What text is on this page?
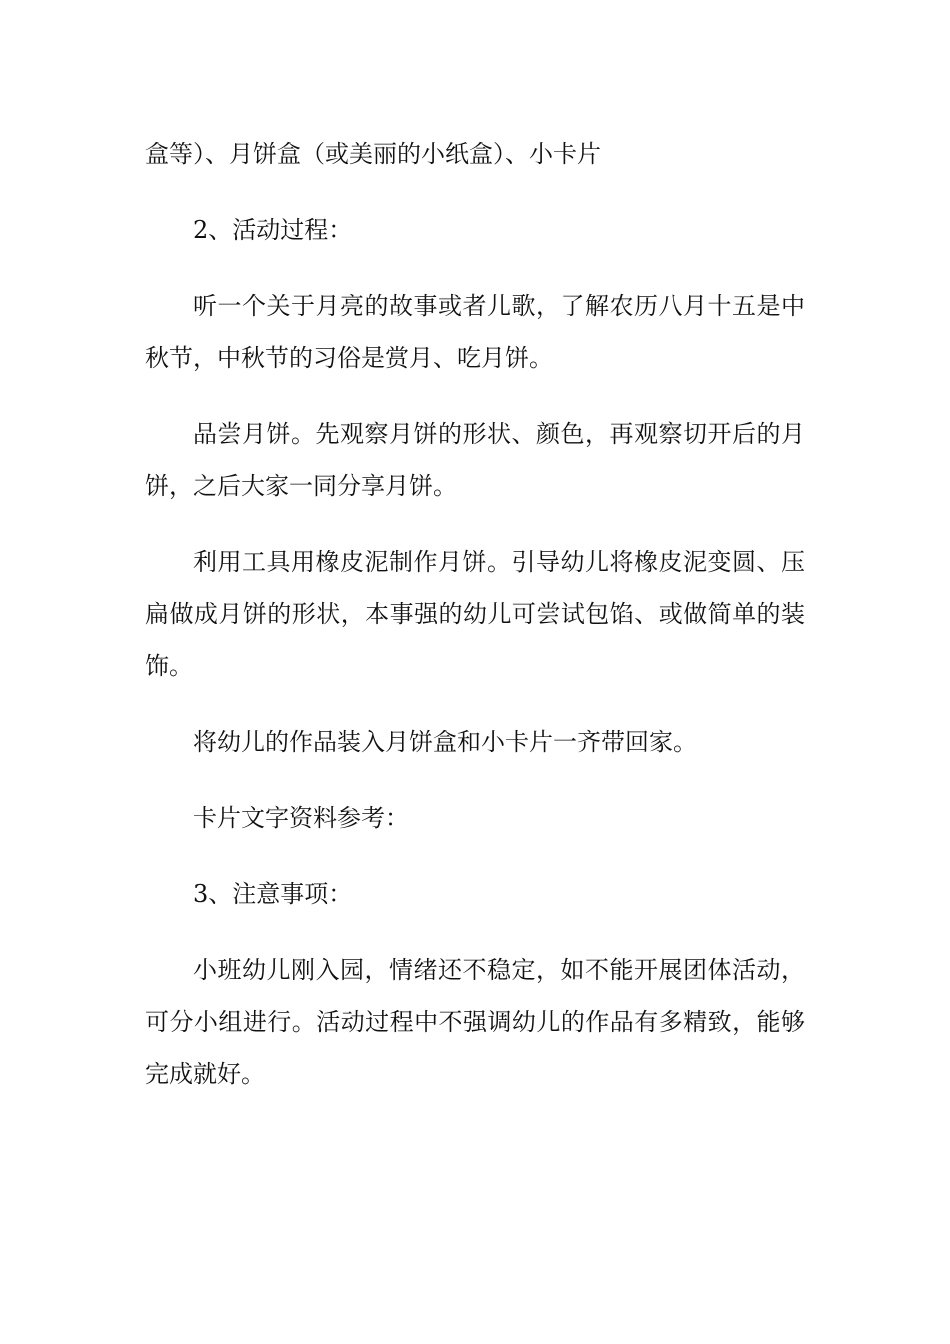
盒等）、月饼盒（或美丽的小纸盒）、小卡片

2、活动过程：

听一个关于月亮的故事或者儿歌，了解农历八月十五是中秋节，中秋节的习俗是赏月、吃月饼。

品尝月饼。先观察月饼的形状、颜色，再观察切开后的月饼，之后大家一同分享月饼。

利用工具用橡皮泥制作月饼。引导幼儿将橡皮泥变圆、压扁做成月饼的形状，本事强的幼儿可尝试包馅、或做简单的装饰。

将幼儿的作品装入月饼盒和小卡片一齐带回家。

卡片文字资料参考：

3、注意事项：

小班幼儿刚入园，情绪还不稳定，如不能开展团体活动，可分小组进行。活动过程中不强调幼儿的作品有多精致，能够完成就好。
